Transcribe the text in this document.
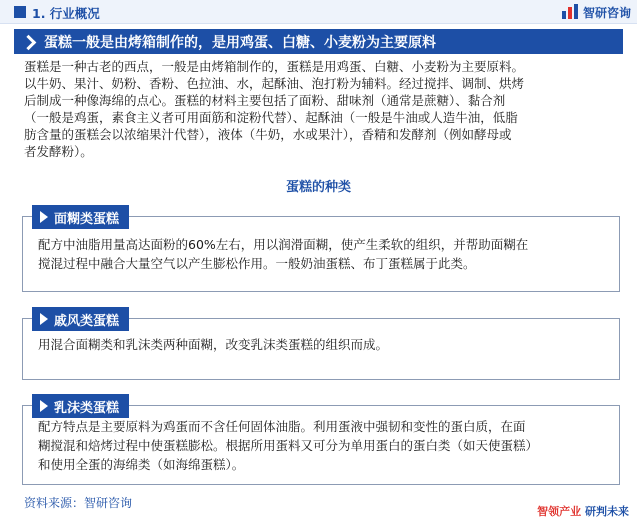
1. 行业概况	智研咨询
蛋糕一般是由烤箱制作的，是用鸡蛋、白糖、小麦粉为主要原料
蛋糕是一种古老的西点，一般是由烤箱制作的，蛋糕是用鸡蛋、白糖、小麦粉为主要原料。
以牛奶、果汁、奶粉、香粉、色拉油、水，起酥油、泡打粉为辅料。经过搅拌、调制、烘烤
后制成一种像海绵的点心。蛋糕的材料主要包括了面粉、甜味剂（通常是蔗糖）、黏合剂
（一般是鸡蛋，素食主义者可用面筋和淀粉代替）、起酥油（一般是牛油或人造牛油，低脂
肪含量的蛋糕会以浓缩果汁代替），液体（牛奶，水或果汁），香精和发酵剂（例如酵母或
者发酵粉）。
蛋糕的种类
面糊类蛋糕
配方中油脂用量高达面粉的60%左右，用以润滑面糊，使产生柔软的组织，并帮助面糊在
搅混过程中融合大量空气以产生膨松作用。一般奶油蛋糕、布丁蛋糕属于此类。
戚风类蛋糕
用混合面糊类和乳沫类两种面糊，改变乳沫类蛋糕的组织而成。
乳沫类蛋糕
配方特点是主要原料为鸡蛋而不含任何固体油脂。利用蛋液中强韧和变性的蛋白质，在面
糊搅混和焙烤过程中使蛋糕膨松。根据所用蛋料又可分为单用蛋白的蛋白类（如天使蛋糕）
和使用全蛋的海绵类（如海绵蛋糕）。
资料来源：智研咨询
智领产业 研判未来
